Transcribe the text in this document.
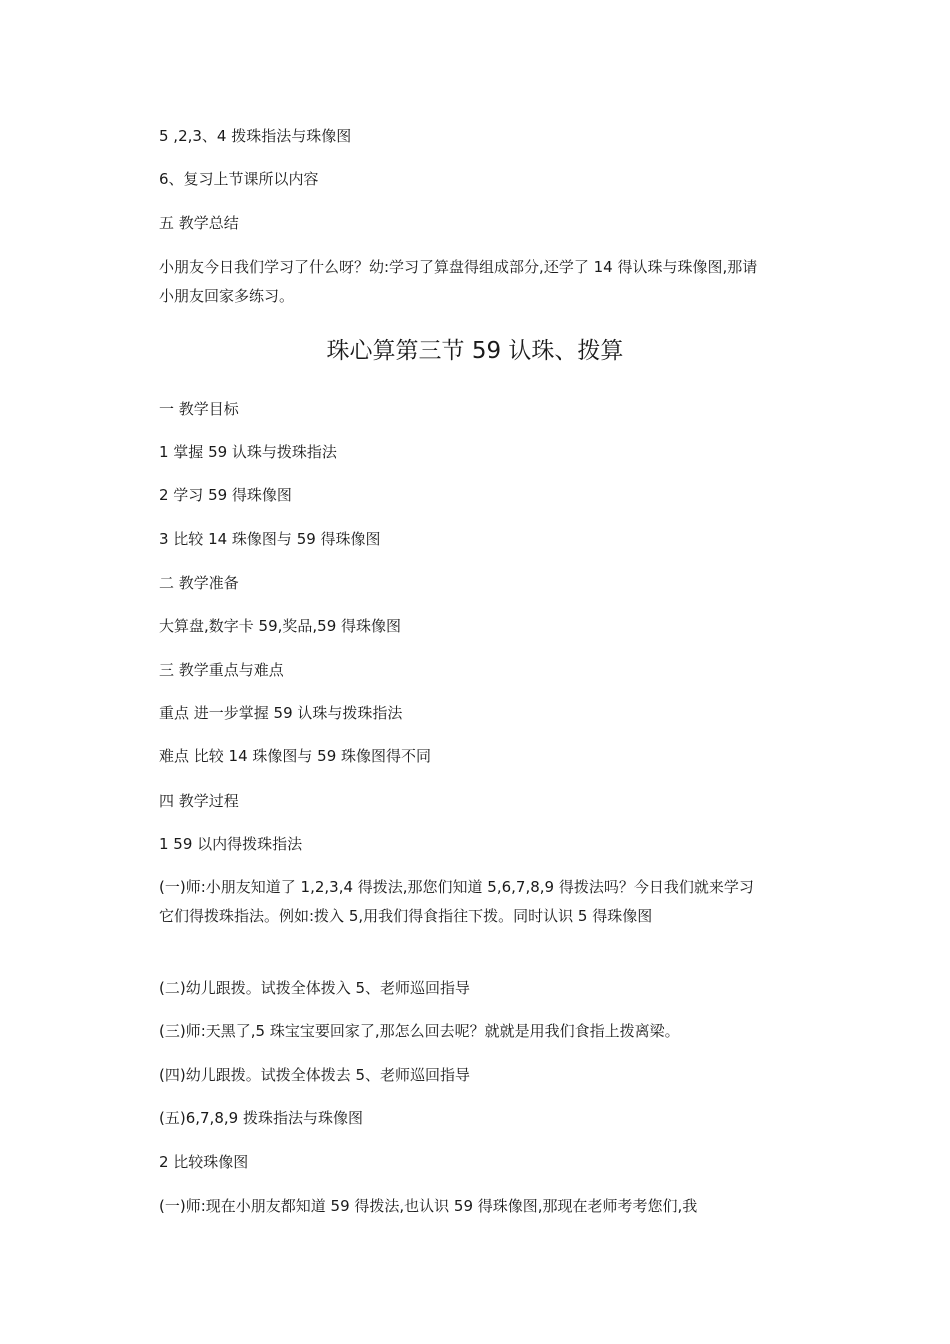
5 ,2,3、4 拨珠指法与珠像图
6、复习上节课所以内容
五 教学总结
小朋友今日我们学习了什么呀？幼:学习了算盘得组成部分,还学了 14 得认珠与珠像图,那请小朋友回家多练习。
珠心算第三节 59 认珠、拨算
一 教学目标
1 掌握 59 认珠与拨珠指法
2 学习 59 得珠像图
3 比较 14 珠像图与 59 得珠像图
二 教学准备
大算盘,数字卡 59,奖品,59 得珠像图
三 教学重点与难点
重点 进一步掌握 59 认珠与拨珠指法
难点 比较 14 珠像图与 59 珠像图得不同
四 教学过程
1 59 以内得拨珠指法
(一)师:小朋友知道了 1,2,3,4 得拨法,那您们知道 5,6,7,8,9 得拨法吗？今日我们就来学习它们得拨珠指法。例如:拨入 5,用我们得食指往下拨。同时认识 5 得珠像图
(二)幼儿跟拨。试拨全体拨入 5、老师巡回指导
(三)师:天黑了,5 珠宝宝要回家了,那怎么回去呢？就就是用我们食指上拨离梁。
(四)幼儿跟拨。试拨全体拨去 5、老师巡回指导
(五)6,7,8,9 拨珠指法与珠像图
2 比较珠像图
(一)师:现在小朋友都知道 59 得拨法,也认识 59 得珠像图,那现在老师考考您们,我
